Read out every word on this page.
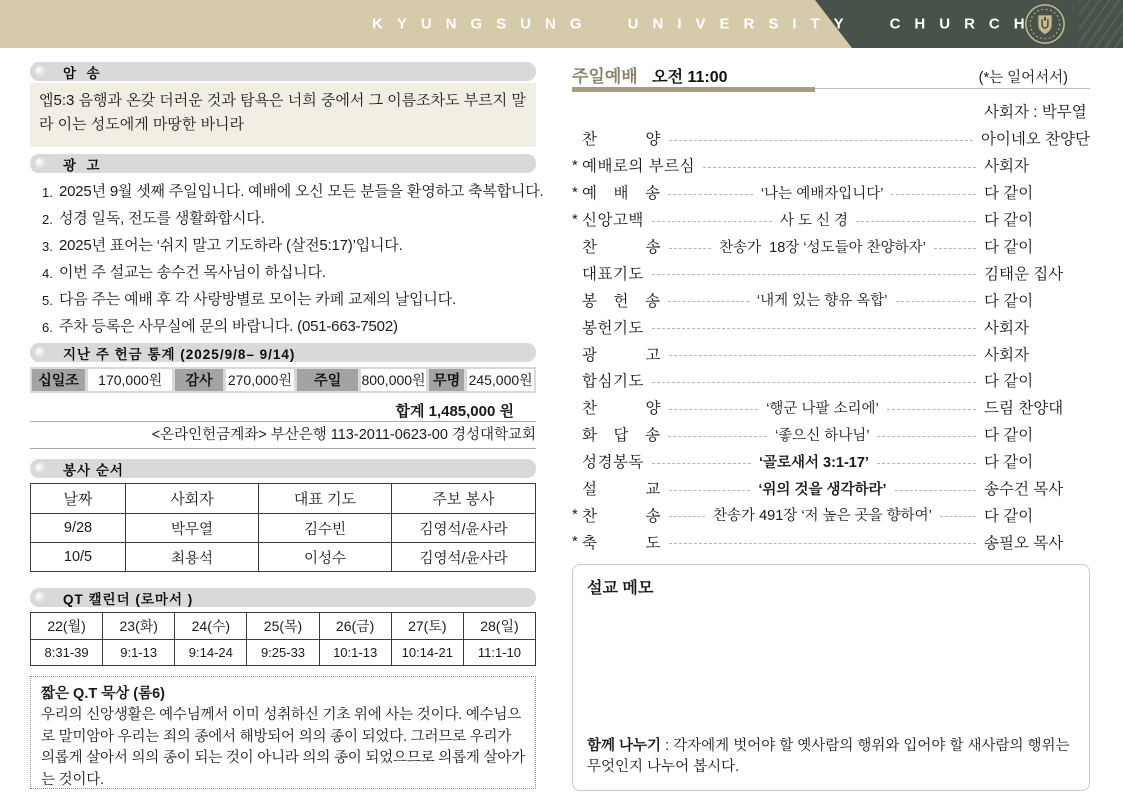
KYUNGSUNG UNIVERSITY CHURCH
암  송
엡5:3 음행과 온갖 더러운 것과 탐욕은 너희 중에서 그 이름조차도 부르지 말라 이는 성도에게 마땅한 바니라
광  고
1. 2025년 9월 셋째 주일입니다. 예배에 오신 모든 분들을 환영하고 축복합니다.
2. 성경 일독, 전도를 생활화합시다.
3. 2025년 표어는 ‘쉬지 말고 기도하라 (살전5:17)’입니다.
4. 이번 주 설교는 송수건 목사님이 하십니다.
5. 다음 주는 예배 후 각 사랑방별로 모이는 카페 교제의 날입니다.
6. 주차 등록은 사무실에 문의 바랍니다. (051-663-7502)
지난 주 헌금 통계 (2025/9/8– 9/14)
십일조	170,000원	감사	270,000원	주일	800,000원 무명 245,000원
합계 1,485,000 원
<온라인헌금계좌> 부산은행 113-2011-0623-00 경성대학교회
봉사 순서
날짜	사회자	대표 기도	주보 봉사
9/28	박무열	김수빈	김영석/윤사라
10/5	최용석	이성수	김영석/윤사라
QT 캘린더 (로마서 )
22(월)	23(화)	24(수)	25(목)	26(금)	27(토)	28(일)
8:31-39	9:1-13	9:14-24	9:25-33	10:1-13	10:14-21	11:1-10
짧은 Q.T 묵상 (롬6)
우리의 신앙생활은 예수님께서 이미 성취하신 기초 위에 사는 것이다. 예수님으로 말미암아 우리는 죄의 종에서 해방되어 의의 종이 되었다. 그러므로 우리가 의롭게 살아서 의의 종이 되는 것이 아니라 의의 종이 되었으므로 의롭게 살아가는 것이다.
주일예배 오전 11:00	(*는 일어서서)
사회자 : 박무열
찬　　　양	아이네오 찬양단
* 예배로의 부르심	사회자
* 예　배　송	‘나는 예배자입니다’	다 같이
* 신앙고백	사 도 신 경	다 같이
찬　　　송	찬송가  18장 ‘성도들아 찬양하자’	다 같이
대표기도	김태운 집사
봉　헌　송	‘내게 있는 향유 옥합’	다 같이
봉헌기도	사회자
광　　　고	사회자
합심기도	다 같이
찬　　　양	‘행군 나팔 소리에’	드림 찬양대
화　답　송	‘좋으신 하나님’	다 같이
성경봉독	‘골로새서 3:1-17’	다 같이
설　　　교	‘위의 것을 생각하라’	송수건 목사
* 찬　　　송	찬송가 491장 ‘저 높은 곳을 향하여’	다 같이
* 축　　　도	송필오 목사
설교 메모
함께 나누기 : 각자에게 벗어야 할 옛사람의 행위와 입어야 할 새사람의 행위는 무엇인지 나누어 봅시다.
